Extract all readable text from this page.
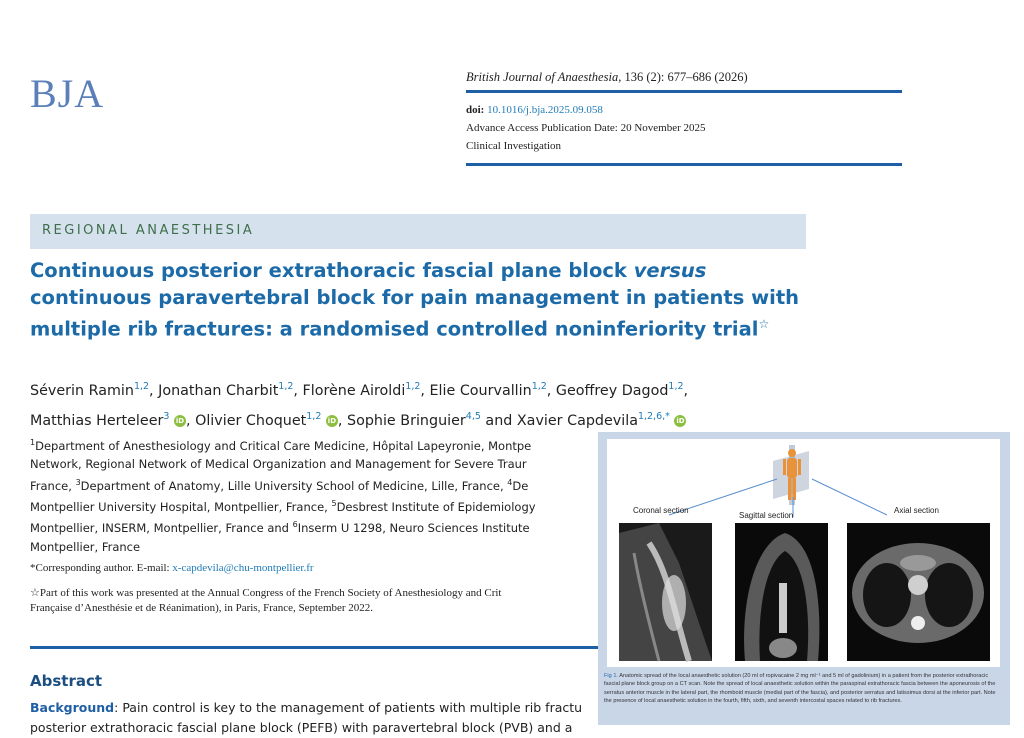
BJA	British Journal of Anaesthesia, 136 (2): 677–686 (2026)
doi: 10.1016/j.bja.2025.09.058
Advance Access Publication Date: 20 November 2025
Clinical Investigation
REGIONAL ANAESTHESIA
Continuous posterior extrathoracic fascial plane block versus continuous paravertebral block for pain management in patients with multiple rib fractures: a randomised controlled noninferiority trial☆
Séverin Ramin$^{1,2}$, Jonathan Charbit$^{1,2}$, Florène Airoldi$^{1,2}$, Elie Courvallin$^{1,2}$, Geoffrey Dagod$^{1,2}$,
Matthias Herteleer$^3$ iD , Olivier Choquet$^{1,2}$ iD , Sophie Bringuier$^{4,5}$ and Xavier Capdevila$^{1,2,6,*}$ iD
$^1$Department of Anesthesiology and Critical Care Medicine, Hôpital Lapeyronie, Montpe
Network, Regional Network of Medical Organization and Management for Severe Traur
France, $^3$Department of Anatomy, Lille University School of Medicine, Lille, France, $^4$De
Montpellier University Hospital, Montpellier, France, $^5$Desbrest Institute of Epidemiology
Montpellier, INSERM, Montpellier, France and $^6$Inserm U 1298, Neuro Sciences Institute
Montpellier, France
*Corresponding author. E-mail: x-capdevila@chu-montpellier.fr
☆Part of this work was presented at the Annual Congress of the French Society of Anesthesiology and Crit
Française d’Anesthésie et de Réanimation), in Paris, France, September 2022.
Abstract
Background: Pain control is key to the management of patients with multiple rib fractu
posterior extrathoracic fascial plane block (PEFB) with paravertebral block (PVB) and a
Coronal section
Sagittal section
Axial section
Fig 1. Anatomic spread of the local anaesthetic solution (20 ml of ropivacaine 2 mg ml⁻¹ and 5 ml of gadolinium) in a patient from the posterior extrathoracic fascial plane block group on a CT scan. Note the spread of local anaesthetic solution within the paraspinal extrathoracic fascia between the aponeurosis of the serratus anterior muscle in the lateral part, the rhomboid muscle (medial part of the fascia), and posterior serratus and latissimus dorsi at the inferior part. Note the presence of local anaesthetic solution in the fourth, fifth, sixth, and seventh intercostal spaces related to rib fractures.
